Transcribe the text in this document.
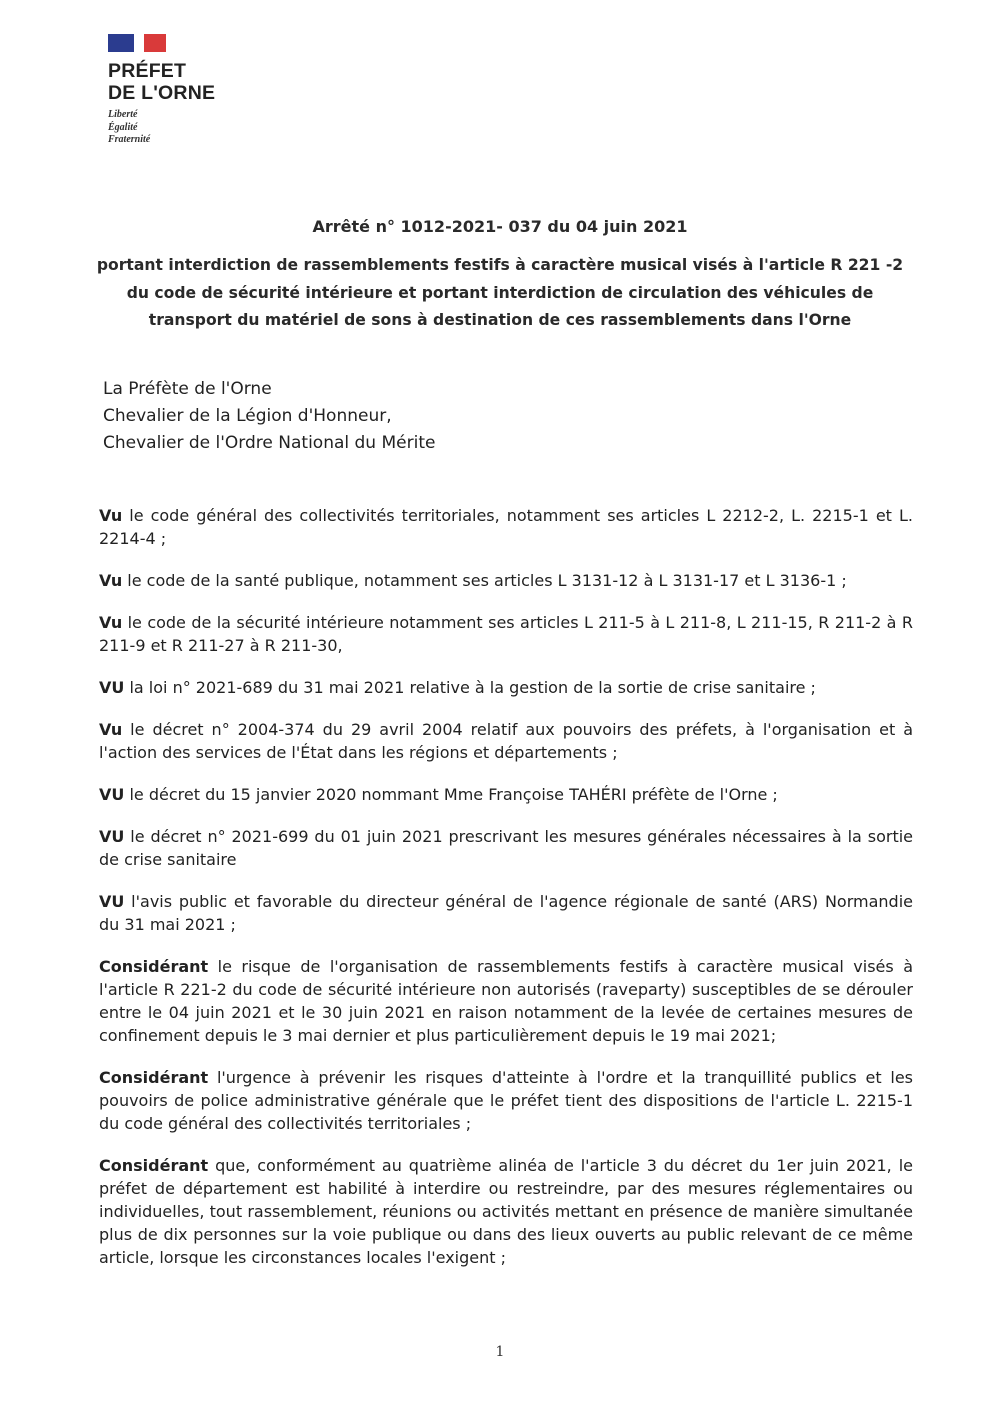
PRÉFET
DE L'ORNE
Liberté
Égalité
Fraternité
Arrêté n° 1012-2021- 037 du 04 juin 2021
portant interdiction de rassemblements festifs à caractère musical visés à l'article R 221 -2
du code de sécurité intérieure et portant interdiction de circulation des véhicules de
transport du matériel de sons à destination de ces rassemblements dans l'Orne
La Préfète de l'Orne
Chevalier de la Légion d'Honneur,
Chevalier de l'Ordre National du Mérite

Vu le code général des collectivités territoriales, notamment ses articles L 2212-2, L. 2215-1 et L. 2214-4 ;

Vu le code de la santé publique, notamment ses articles L 3131-12 à L 3131-17 et L 3136-1 ;

Vu le code de la sécurité intérieure notamment ses articles L 211-5 à L 211-8, L 211-15, R 211-2 à R 211-9 et R 211-27 à R 211-30,

VU la loi n° 2021-689 du 31 mai 2021 relative à la gestion de la sortie de crise sanitaire ;

Vu le décret n° 2004-374 du 29 avril 2004 relatif aux pouvoirs des préfets, à l'organisation et à l'action des services de l'État dans les régions et départements ;

VU le décret du 15 janvier 2020 nommant Mme Françoise TAHÉRI préfète de l'Orne ;

VU le décret n° 2021-699 du 01 juin 2021 prescrivant les mesures générales nécessaires à la sortie de crise sanitaire

VU l'avis public et favorable du directeur général de l'agence régionale de santé (ARS) Normandie du 31 mai 2021 ;

Considérant le risque de l'organisation de rassemblements festifs à caractère musical visés à l'article R 221-2 du code de sécurité intérieure non autorisés (raveparty) susceptibles de se dérouler entre le 04 juin 2021 et le 30 juin 2021 en raison notamment de la levée de certaines mesures de confinement depuis le 3 mai dernier et plus particulièrement depuis le 19 mai 2021;

Considérant l'urgence à prévenir les risques d'atteinte à l'ordre et la tranquillité publics et les pouvoirs de police administrative générale que le préfet tient des dispositions de l'article L. 2215-1 du code général des collectivités territoriales ;

Considérant que, conformément au quatrième alinéa de l'article 3 du décret du 1er juin 2021, le préfet de département est habilité à interdire ou restreindre, par des mesures réglementaires ou individuelles, tout rassemblement, réunions ou activités mettant en présence de manière simultanée plus de dix personnes sur la voie publique ou dans des lieux ouverts au public relevant de ce même article, lorsque les circonstances locales l'exigent ;

1
